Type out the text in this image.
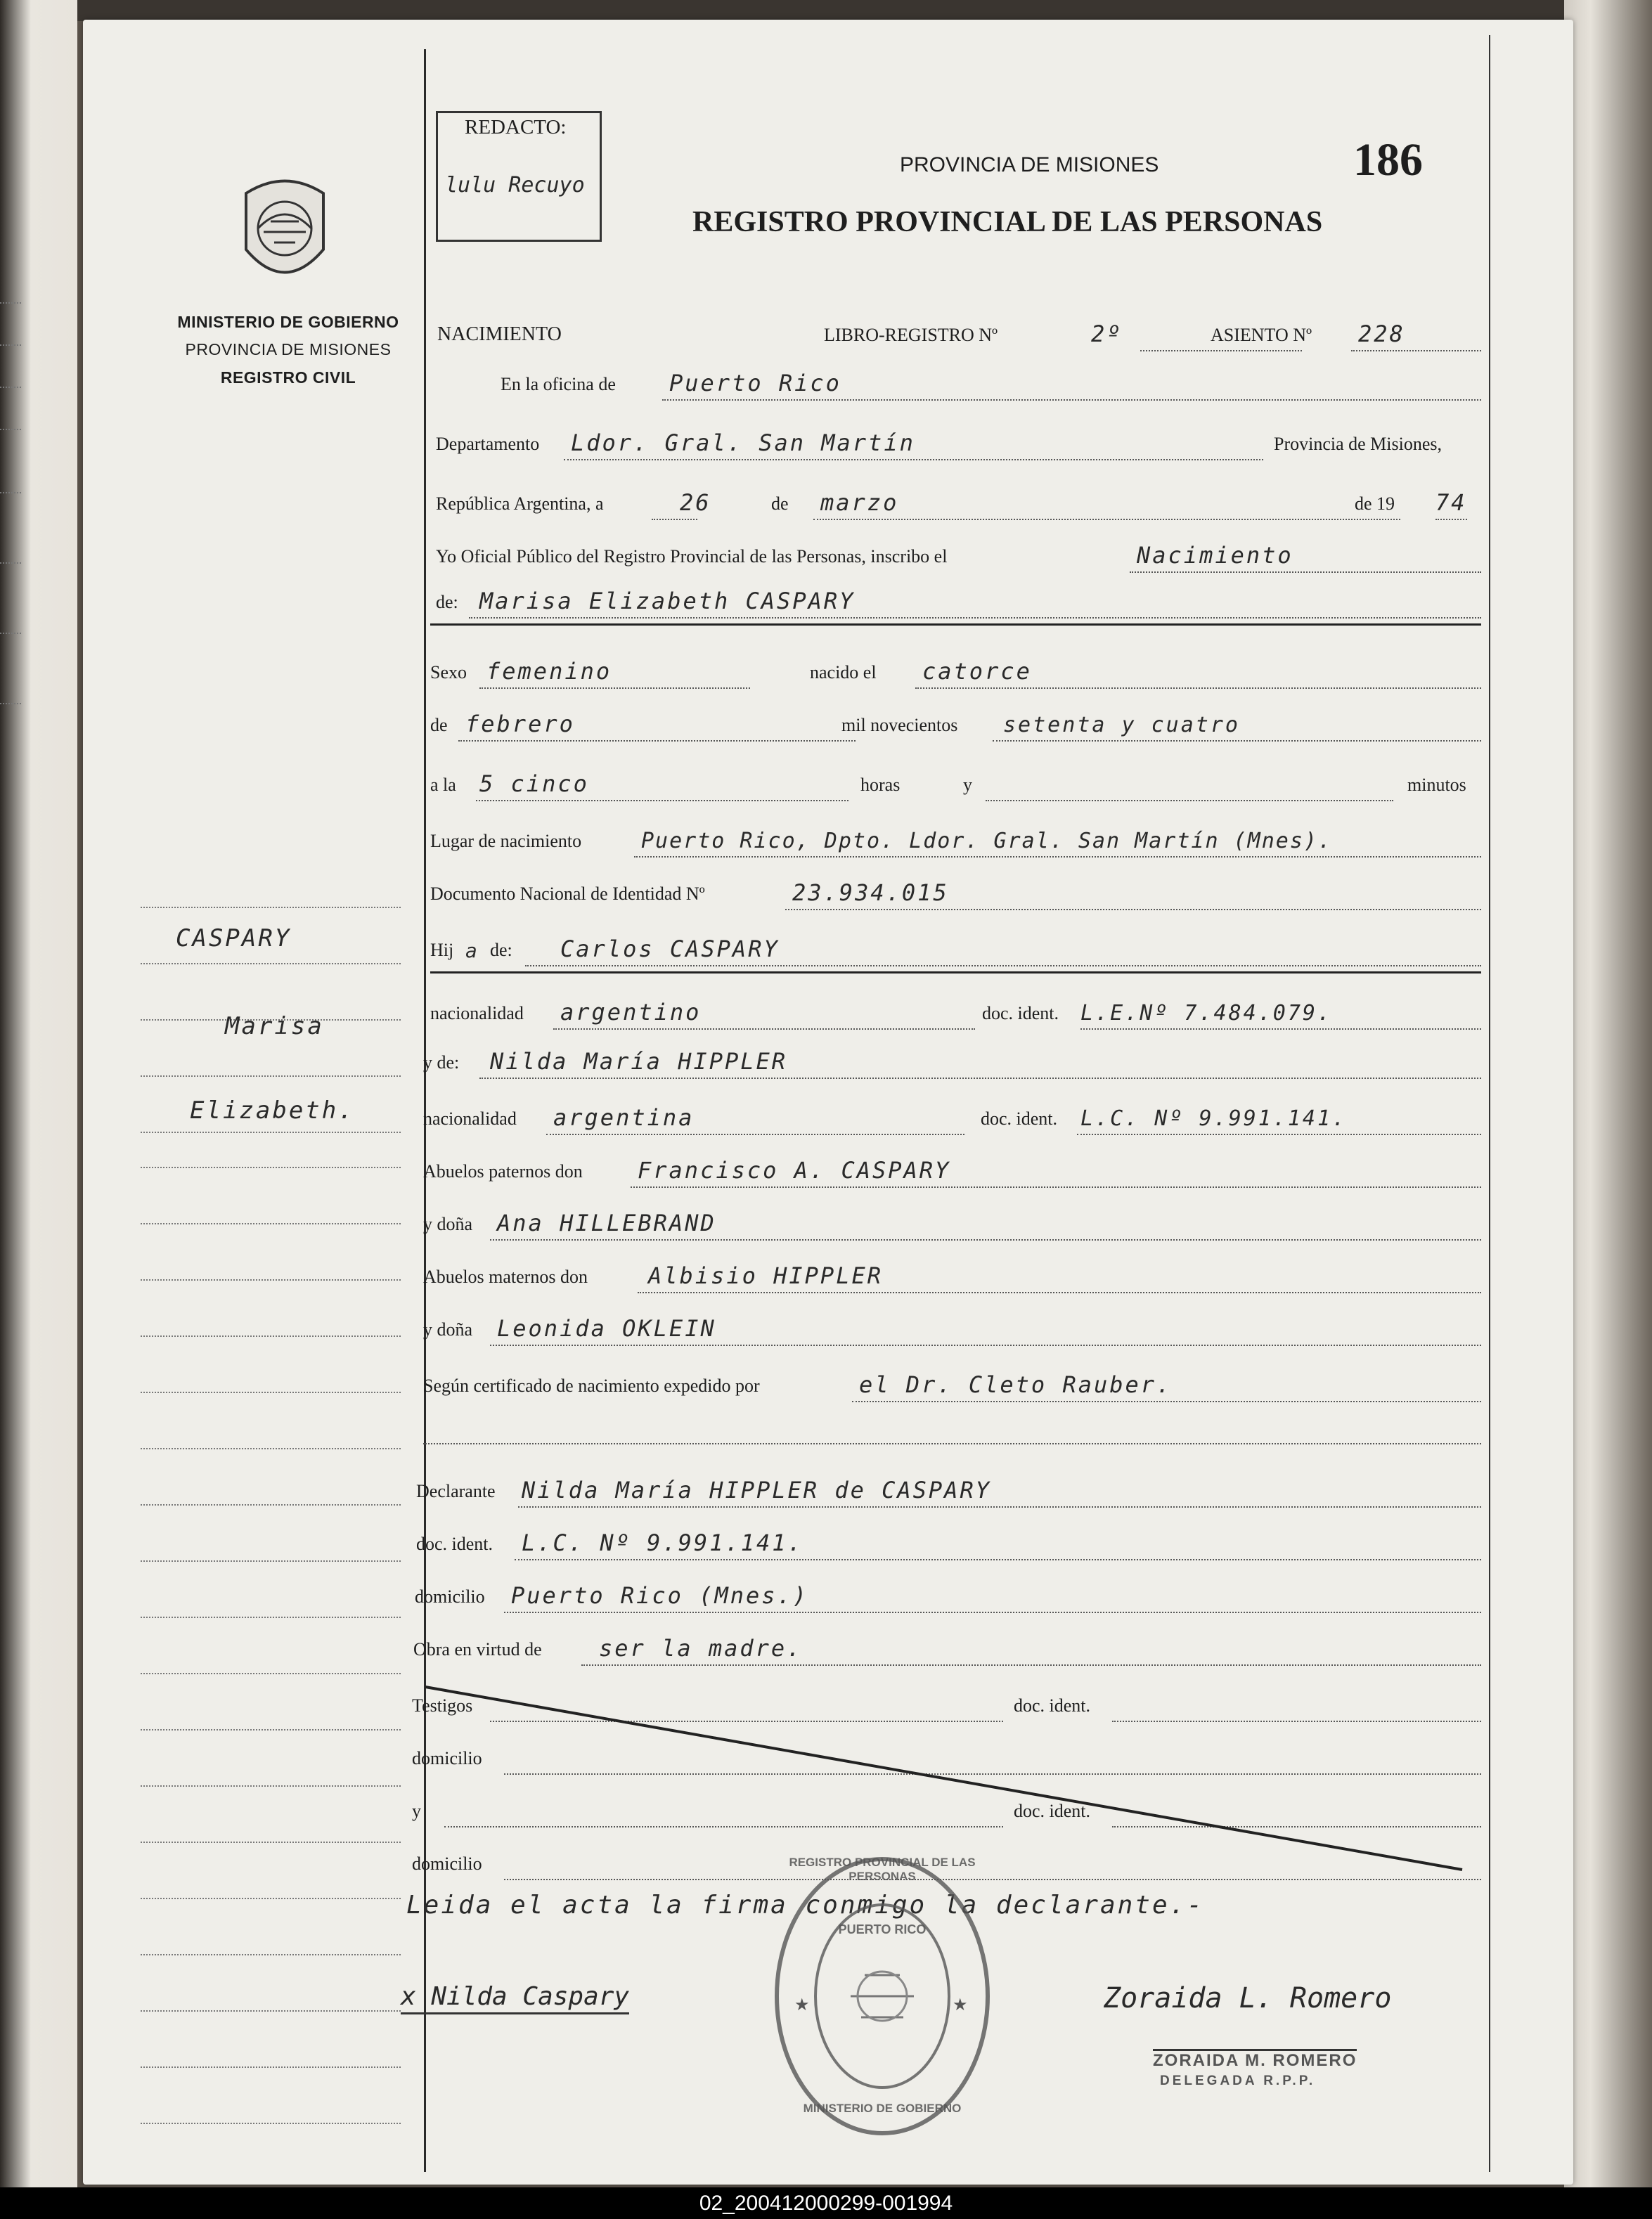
MINISTERIO DE GOBIERNO
PROVINCIA DE MISIONES
REGISTRO CIVIL
CASPARY
Marisa
Elizabeth.
REDACTO:
lulu Recuyo
PROVINCIA DE MISIONES	186
REGISTRO PROVINCIAL DE LAS PERSONAS
NACIMIENTO	LIBRO-REGISTRO Nº	2º	ASIENTO Nº 228
En la oficina de Puerto Rico
Departamento Ldor. Gral. San Martín	Provincia de Misiones,
República Argentina, a	26	de marzo	de 19 74
Yo Oficial Público del Registro Provincial de las Personas, inscribo el	Nacimiento
de: Marisa Elizabeth CASPARY
Sexo femenino	nacido el catorce
de febrero	mil novecientos setenta y cuatro
a la 5 cinco	horas	y	minutos
Lugar de nacimiento	Puerto Rico, Dpto. Ldor. Gral. San Martín (Mnes).
Documento Nacional de Identidad Nº	23.934.015
Hij a de: Carlos CASPARY
nacionalidad argentino	doc. ident. L.E.Nº 7.484.079.
y de: Nilda María HIPPLER
nacionalidad argentina	doc. ident. L.C. Nº 9.991.141.
Abuelos paternos don Francisco A. CASPARY
y doña Ana HILLEBRAND
Abuelos maternos don	Albisio HIPPLER
y doña Leonida OKLEIN
Según certificado de nacimiento expedido por	el Dr. Cleto Rauber.
Declarante Nilda María HIPPLER de CASPARY
doc. ident. L.C. Nº 9.991.141.
domicilio Puerto Rico (Mnes.)
Obra en virtud de	ser la madre.
Testigos	doc. ident.
domicilio
y	doc. ident.
domicilio
Leida el acta la firma conmigo la declarante.-
★	★
REGISTRO PROVINCIAL DE LAS PERSONAS
PUERTO RICO
MINISTERIO DE GOBIERNO
x Nilda Caspary	Zoraida L. Romero
ZORAIDA M. ROMERO
DELEGADA R.P.P.
02_200412000299-001994
